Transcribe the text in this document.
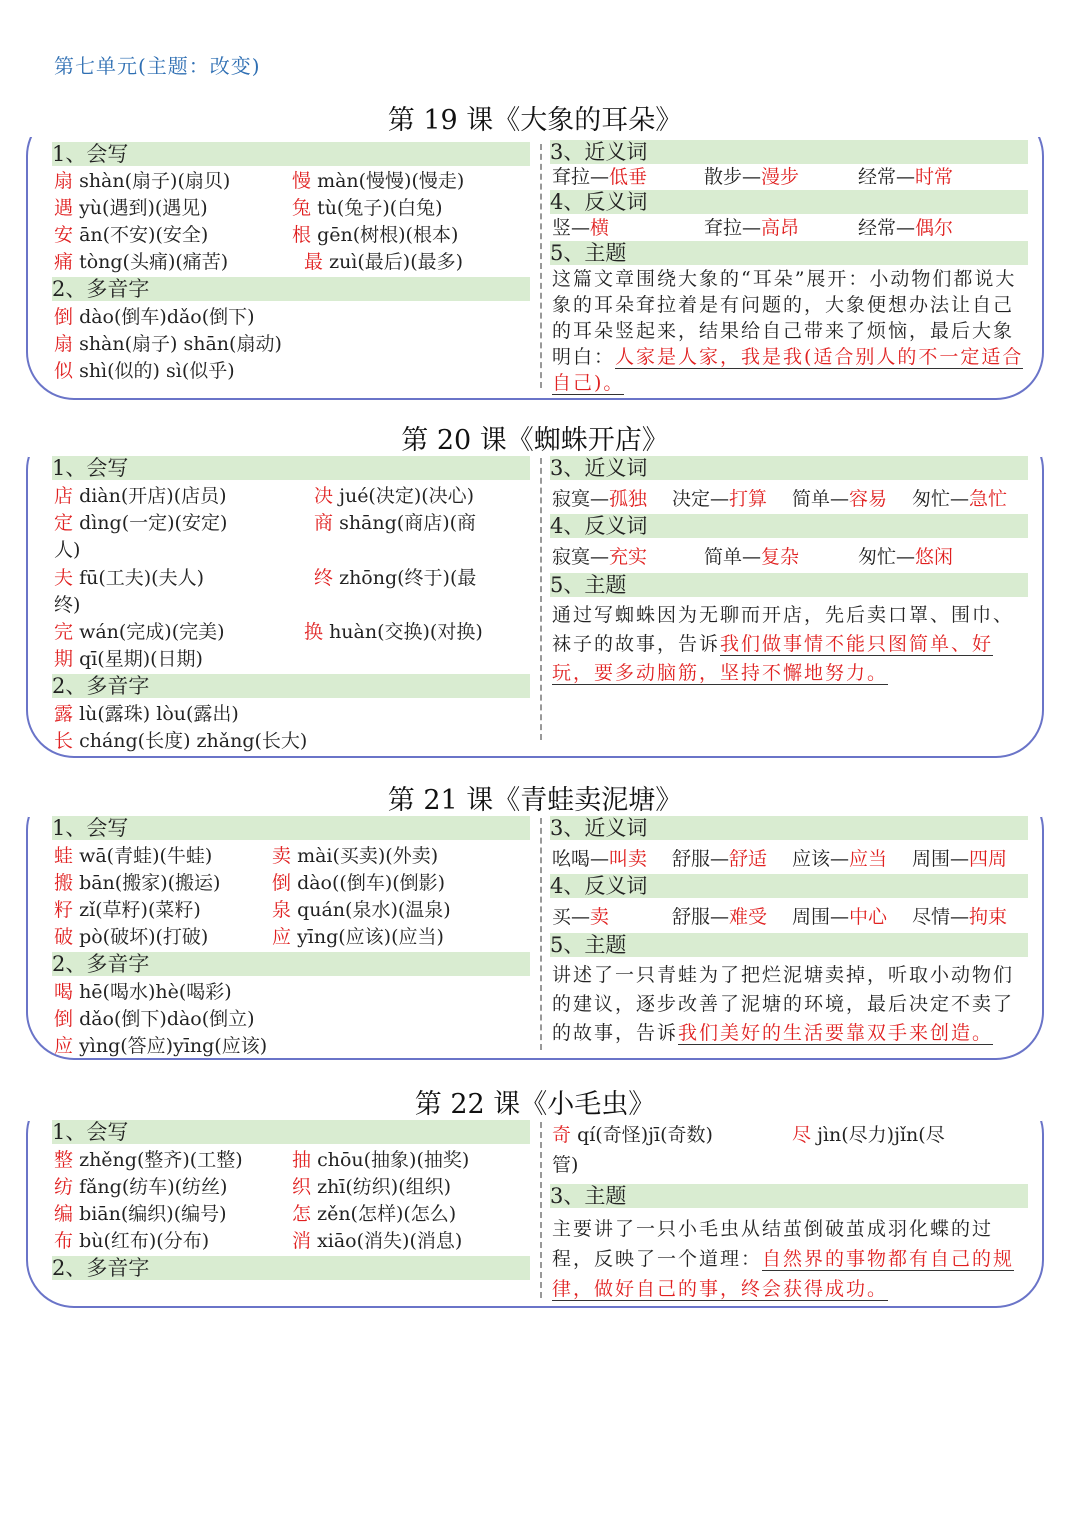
第七单元(主题：改变)
第 19 课《大象的耳朵》
1、会写
扇 shàn(扇子)(扇贝)	慢 màn(慢慢)(慢走)
遇 yù(遇到)(遇见)	兔 tù(兔子)(白兔)
安 ān(不安)(安全)	根 gēn(树根)(根本)
痛 tòng(头痛)(痛苦)	最 zuì(最后)(最多)
2、多音字
倒 dào(倒车)dǎo(倒下)
扇 shàn(扇子) shān(扇动)
似 shì(似的) sì(似乎)
3、近义词
耷拉—低垂	散步—漫步	经常—时常
4、反义词
竖—横	耷拉—高昂	经常—偶尔
5、主题
这篇文章围绕大象的“耳朵”展开：小动物们都说大象的耳朵耷拉着是有问题的，大象便想办法让自己的耳朵竖起来，结果给自己带来了烦恼，最后大象明白：人家是人家，我是我(适合别人的不一定适合自己)。
第 20 课《蜘蛛开店》
1、会写
店 diàn(开店)(店员)	决 jué(决定)(决心)
定 dìng(一定)(安定)	商 shāng(商店)(商
人)
夫 fū(工夫)(夫人)	终 zhōng(终于)(最
终)
完 wán(完成)(完美)	换 huàn(交换)(对换)
期 qī(星期)(日期)
2、多音字
露 lù(露珠) lòu(露出)
长 cháng(长度) zhǎng(长大)
3、近义词
寂寞—孤独 决定—打算 简单—容易 匆忙—急忙
4、反义词
寂寞—充实	简单—复杂	匆忙—悠闲
5、主题
通过写蜘蛛因为无聊而开店，先后卖口罩、围巾、袜子的故事，告诉我们做事情不能只图简单、好玩，要多动脑筋，坚持不懈地努力。
第 21 课《青蛙卖泥塘》
1、会写
蛙 wā(青蛙)(牛蛙)	卖 mài(买卖)(外卖)
搬 bān(搬家)(搬运)	倒 dào((倒车)(倒影)
籽 zǐ(草籽)(菜籽)	泉 quán(泉水)(温泉)
破 pò(破坏)(打破)	应 yīng(应该)(应当)
2、多音字
喝 hē(喝水)hè(喝彩)
倒 dǎo(倒下)dào(倒立)
应 yìng(答应)yīng(应该)
3、近义词
吆喝—叫卖 舒服—舒适 应该—应当 周围—四周
4、反义词
买—卖	舒服—难受 周围—中心 尽情—拘束
5、主题
讲述了一只青蛙为了把烂泥塘卖掉，听取小动物们的建议，逐步改善了泥塘的环境，最后决定不卖了的故事，告诉我们美好的生活要靠双手来创造。
第 22 课《小毛虫》
1、会写
整 zhěng(整齐)(工整)	抽 chōu(抽象)(抽奖)
纺 fǎng(纺车)(纺丝)	织 zhī(纺织)(组织)
编 biān(编织)(编号)	怎 zěn(怎样)(怎么)
布 bù(红布)(分布)	消 xiāo(消失)(消息)
2、多音字
奇 qí(奇怪)jī(奇数)	尽 jìn(尽力)jǐn(尽
管)
3、主题
主要讲了一只小毛虫从结茧倒破茧成羽化蝶的过程，反映了一个道理：自然界的事物都有自己的规律，做好自己的事，终会获得成功。
